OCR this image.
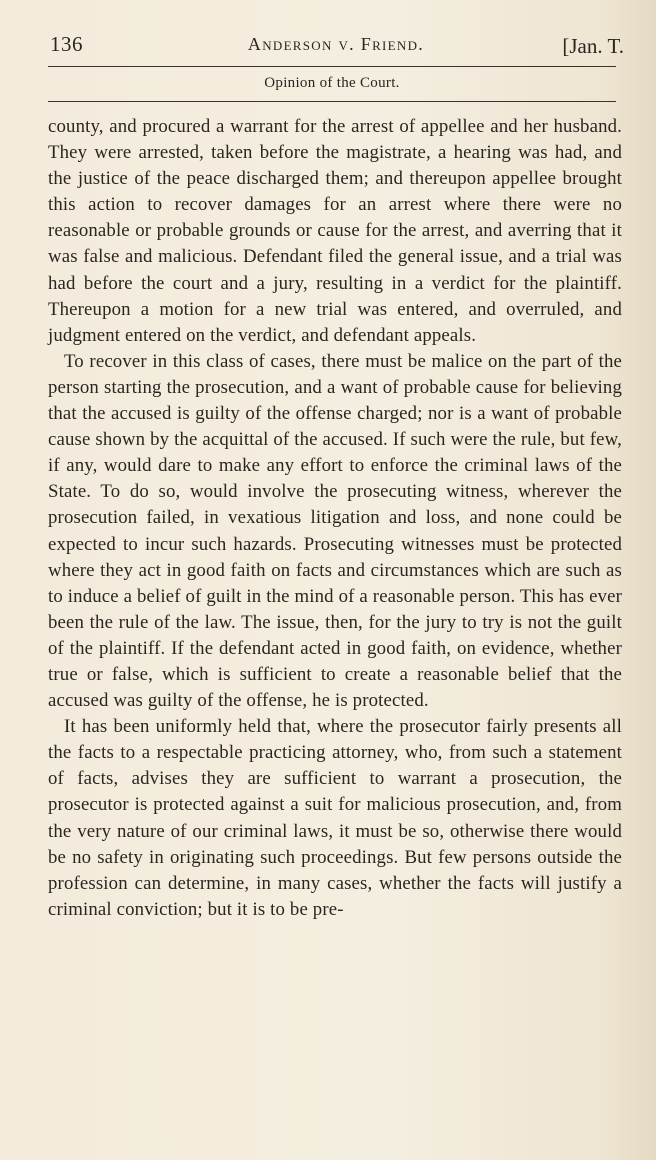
136	Anderson v. Friend.	[Jan. T.
Opinion of the Court.

county, and procured a warrant for the arrest of appellee and her husband. They were arrested, taken before the magistrate, a hearing was had, and the justice of the peace discharged them; and thereupon appellee brought this action to recover damages for an arrest where there were no reasonable or probable grounds or cause for the arrest, and averring that it was false and malicious. Defendant filed the general issue, and a trial was had before the court and a jury, resulting in a verdict for the plaintiff. Thereupon a motion for a new trial was entered, and overruled, and judgment entered on the verdict, and defendant appeals.

To recover in this class of cases, there must be malice on the part of the person starting the prosecution, and a want of probable cause for believing that the accused is guilty of the offense charged; nor is a want of probable cause shown by the acquittal of the accused. If such were the rule, but few, if any, would dare to make any effort to enforce the criminal laws of the State. To do so, would involve the prosecuting witness, wherever the prosecution failed, in vexatious litigation and loss, and none could be expected to incur such hazards. Prosecuting witnesses must be protected where they act in good faith on facts and circumstances which are such as to induce a belief of guilt in the mind of a reasonable person. This has ever been the rule of the law. The issue, then, for the jury to try is not the guilt of the plaintiff. If the defendant acted in good faith, on evidence, whether true or false, which is sufficient to create a reasonable belief that the accused was guilty of the offense, he is protected.

It has been uniformly held that, where the prosecutor fairly presents all the facts to a respectable practicing attorney, who, from such a statement of facts, advises they are sufficient to warrant a prosecution, the prosecutor is protected against a suit for malicious prosecution, and, from the very nature of our criminal laws, it must be so, otherwise there would be no safety in originating such proceedings. But few persons outside the profession can determine, in many cases, whether the facts will justify a criminal conviction; but it is to be pre-
